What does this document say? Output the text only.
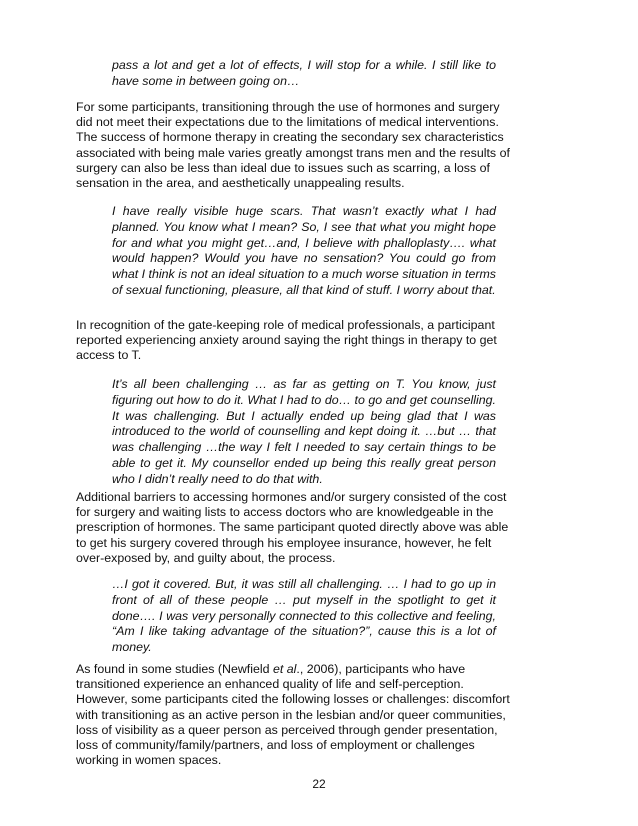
pass a lot and get a lot of effects, I will stop for a while. I still like to have some in between going on…

For some participants, transitioning through the use of hormones and surgery did not meet their expectations due to the limitations of medical interventions. The success of hormone therapy in creating the secondary sex characteristics associated with being male varies greatly amongst trans men and the results of surgery can also be less than ideal due to issues such as scarring, a loss of sensation in the area, and aesthetically unappealing results.

I have really visible huge scars. That wasn’t exactly what I had planned. You know what I mean? So, I see that what you might hope for and what you might get…and, I believe with phalloplasty…. what would happen? Would you have no sensation? You could go from what I think is not an ideal situation to a much worse situation in terms of sexual functioning, pleasure, all that kind of stuff. I worry about that.

In recognition of the gate-keeping role of medical professionals, a participant reported experiencing anxiety around saying the right things in therapy to get access to T.

It’s all been challenging … as far as getting on T. You know, just figuring out how to do it. What I had to do… to go and get counselling. It was challenging. But I actually ended up being glad that I was introduced to the world of counselling and kept doing it. …but … that was challenging …the way I felt I needed to say certain things to be able to get it. My counsellor ended up being this really great person who I didn’t really need to do that with.

Additional barriers to accessing hormones and/or surgery consisted of the cost for surgery and waiting lists to access doctors who are knowledgeable in the prescription of hormones. The same participant quoted directly above was able to get his surgery covered through his employee insurance, however, he felt over-exposed by, and guilty about, the process.

…I got it covered. But, it was still all challenging. … I had to go up in front of all of these people … put myself in the spotlight to get it done…. I was very personally connected to this collective and feeling, “Am I like taking advantage of the situation?”, cause this is a lot of money.

As found in some studies (Newfield et al., 2006), participants who have transitioned experience an enhanced quality of life and self-perception. However, some participants cited the following losses or challenges: discomfort with transitioning as an active person in the lesbian and/or queer communities, loss of visibility as a queer person as perceived through gender presentation, loss of community/family/partners, and loss of employment or challenges working in women spaces.

22
